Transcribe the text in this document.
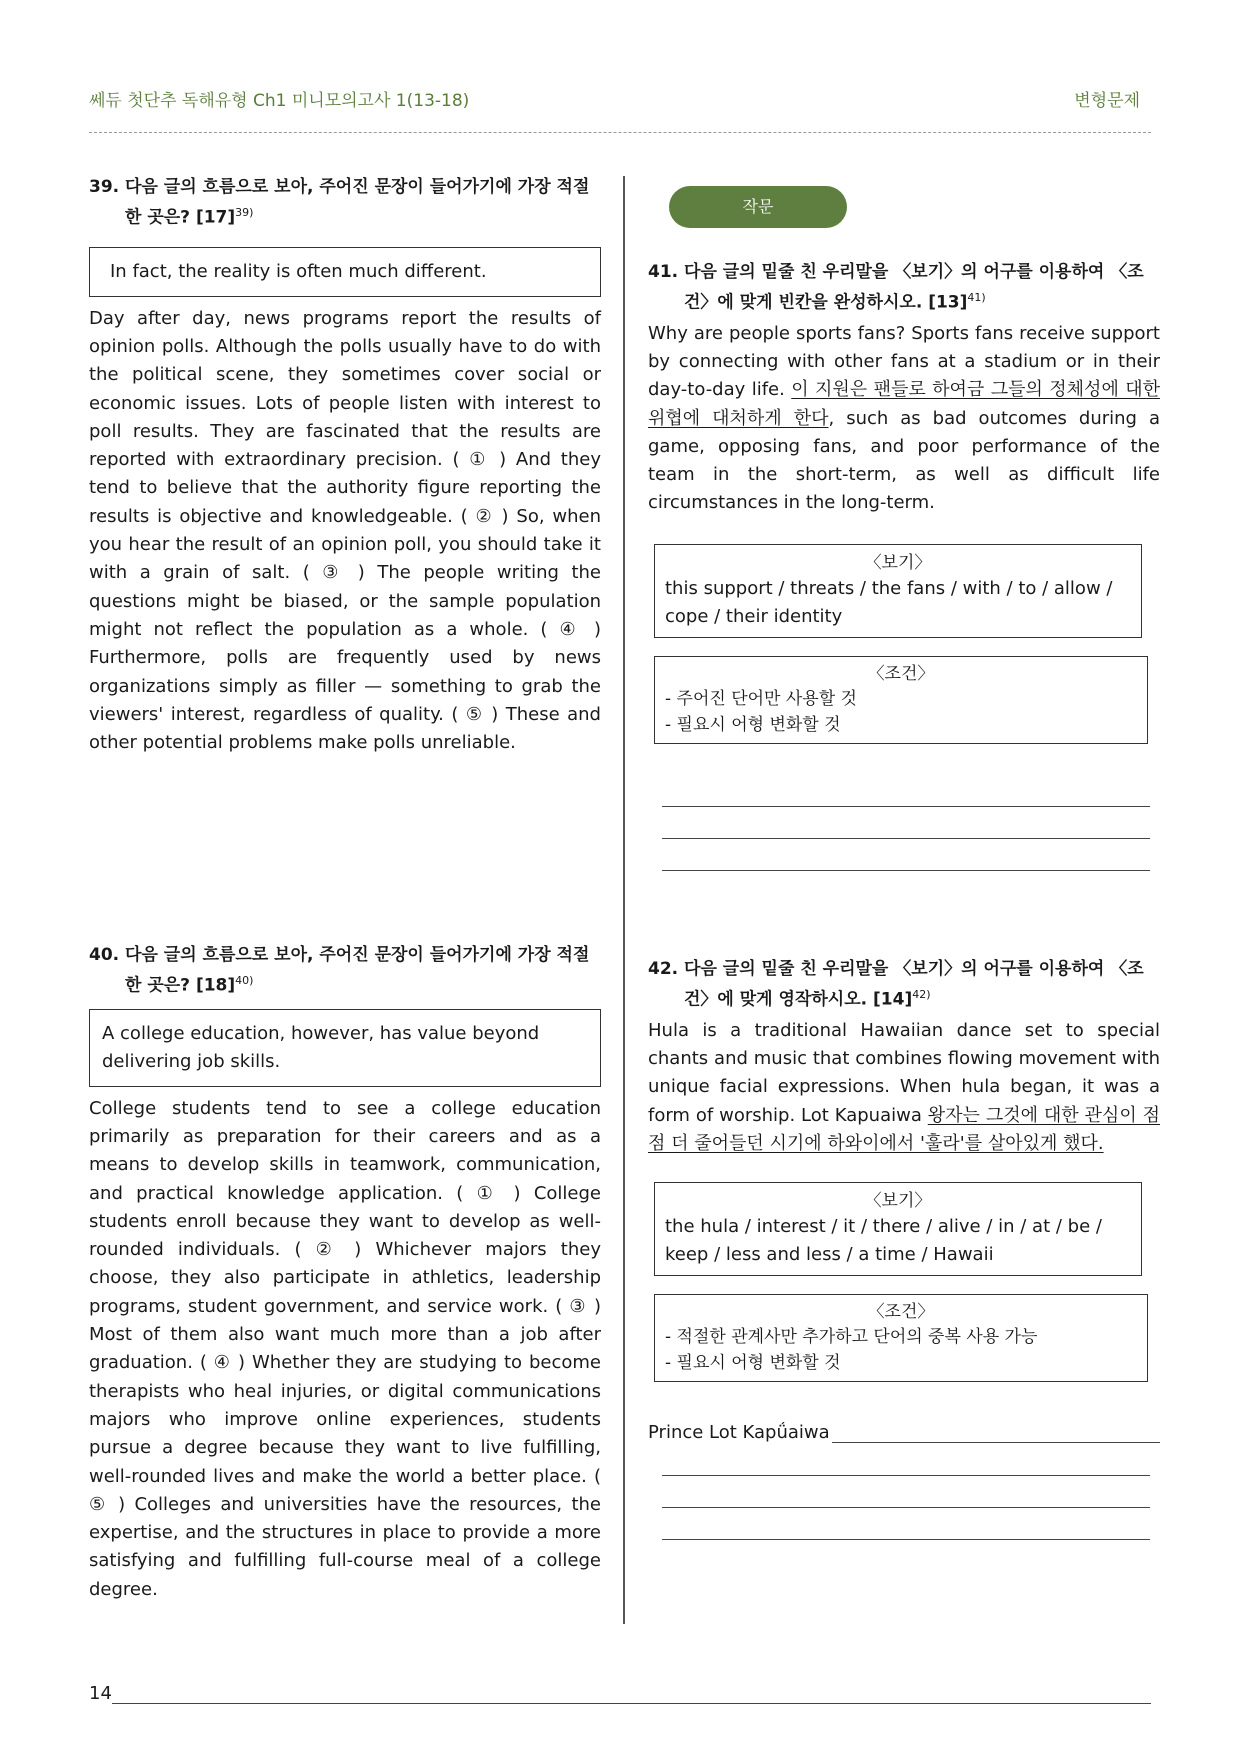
쎄듀 첫단추 독해유형 Ch1 미니모의고사 1(13-18)	변형문제
39. 다음 글의 흐름으로 보아, 주어진 문장이 들어가기에 가장 적절한 곳은? $[17]^{39)}$
In fact, the reality is often much different.
Day after day, news programs report the results of opinion polls. Although the polls usually have to do with the political scene, they sometimes cover social or economic issues. Lots of people listen with interest to poll results. They are fascinated that the results are reported with extraordinary precision. ( ① ) And they tend to believe that the authority figure reporting the results is objective and knowledgeable. ( ② ) So, when you hear the result of an opinion poll, you should take it with a grain of salt. ( ③ ) The people writing the questions might be biased, or the sample population might not reflect the population as a whole. ( ④ ) Furthermore, polls are frequently used by news organizations simply as filler — something to grab the viewers' interest, regardless of quality. ( ⑤ ) These and other potential problems make polls unreliable.
40. 다음 글의 흐름으로 보아, 주어진 문장이 들어가기에 가장 적절한 곳은? $[18]^{40)}$
A college education, however, has value beyond delivering job skills.
College students tend to see a college education primarily as preparation for their careers and as a means to develop skills in teamwork, communication, and practical knowledge application. ( ① ) College students enroll because they want to develop as well-rounded individuals. ( ② ) Whichever majors they choose, they also participate in athletics, leadership programs, student government, and service work. ( ③ ) Most of them also want much more than a job after graduation. ( ④ ) Whether they are studying to become therapists who heal injuries, or digital communications majors who improve online experiences, students pursue a degree because they want to live fulfilling, well-rounded lives and make the world a better place. ( ⑤ ) Colleges and universities have the resources, the expertise, and the structures in place to provide a more satisfying and fulfilling full-course meal of a college degree.
작문
41. 다음 글의 밑줄 친 우리말을 〈보기〉의 어구를 이용하여 〈조건〉에 맞게 빈칸을 완성하시오. $[13]^{41)}$
Why are people sports fans? Sports fans receive support by connecting with other fans at a stadium or in their day-to-day life. 이 지원은 팬들로 하여금 그들의 정체성에 대한 위협에 대처하게 한다, such as bad outcomes during a game, opposing fans, and poor performance of the team in the short-term, as well as difficult life circumstances in the long-term.
〈보기〉
this support / threats / the fans / with / to / allow / cope / their identity
〈조건〉
- 주어진 단어만 사용할 것
- 필요시 어형 변화할 것
42. 다음 글의 밑줄 친 우리말을 〈보기〉의 어구를 이용하여 〈조건〉에 맞게 영작하시오. $[14]^{42)}$
Hula is a traditional Hawaiian dance set to special chants and music that combines flowing movement with unique facial expressions. When hula began, it was a form of worship. Lot Kapuaiwa 왕자는 그것에 대한 관심이 점점 더 줄어들던 시기에 하와이에서 '훌라'를 살아있게 했다.
〈보기〉
the hula / interest / it / there / alive / in / at / be / keep / less and less / a time / Hawaii
〈조건〉
- 적절한 관계사만 추가하고 단어의 중복 사용 가능
- 필요시 어형 변화할 것
Prince Lot Kapǘaiwa
14
